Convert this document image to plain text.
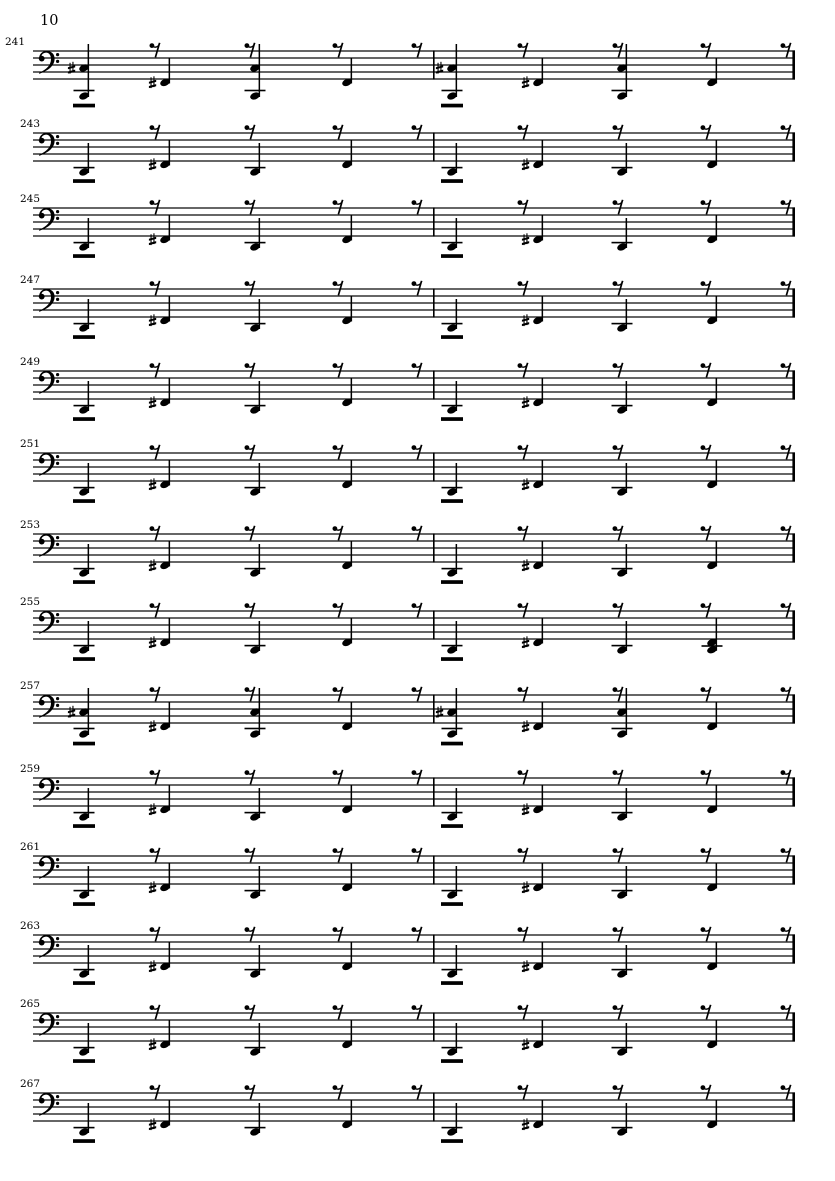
10
241
243
245
247
249
251
253
255
257
259
261
263
265
267
